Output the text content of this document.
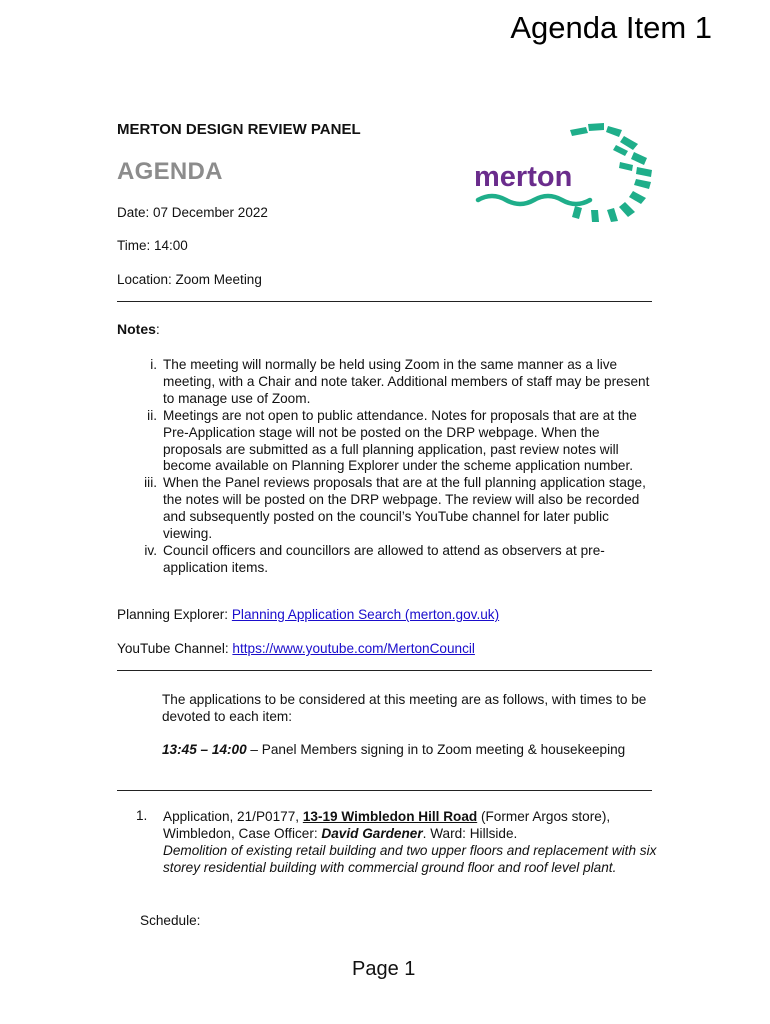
Agenda Item 1
MERTON DESIGN REVIEW PANEL
AGENDA
Date: 07 December 2022
Time: 14:00
Location: Zoom Meeting
merton
Notes:
i. The meeting will normally be held using Zoom in the same manner as a live meeting, with a Chair and note taker. Additional members of staff may be present to manage use of Zoom.
ii. Meetings are not open to public attendance. Notes for proposals that are at the Pre-Application stage will not be posted on the DRP webpage. When the proposals are submitted as a full planning application, past review notes will become available on Planning Explorer under the scheme application number.
iii. When the Panel reviews proposals that are at the full planning application stage, the notes will be posted on the DRP webpage. The review will also be recorded and subsequently posted on the council’s YouTube channel for later public viewing.
iv. Council officers and councillors are allowed to attend as observers at pre-application items.
Planning Explorer: Planning Application Search (merton.gov.uk)
YouTube Channel: https://www.youtube.com/MertonCouncil
The applications to be considered at this meeting are as follows, with times to be devoted to each item:
13:45 – 14:00 – Panel Members signing in to Zoom meeting & housekeeping
1. Application, 21/P0177, 13-19 Wimbledon Hill Road (Former Argos store), Wimbledon, Case Officer: David Gardener. Ward: Hillside.
Demolition of existing retail building and two upper floors and replacement with six storey residential building with commercial ground floor and roof level plant.
Schedule:
Page 1
